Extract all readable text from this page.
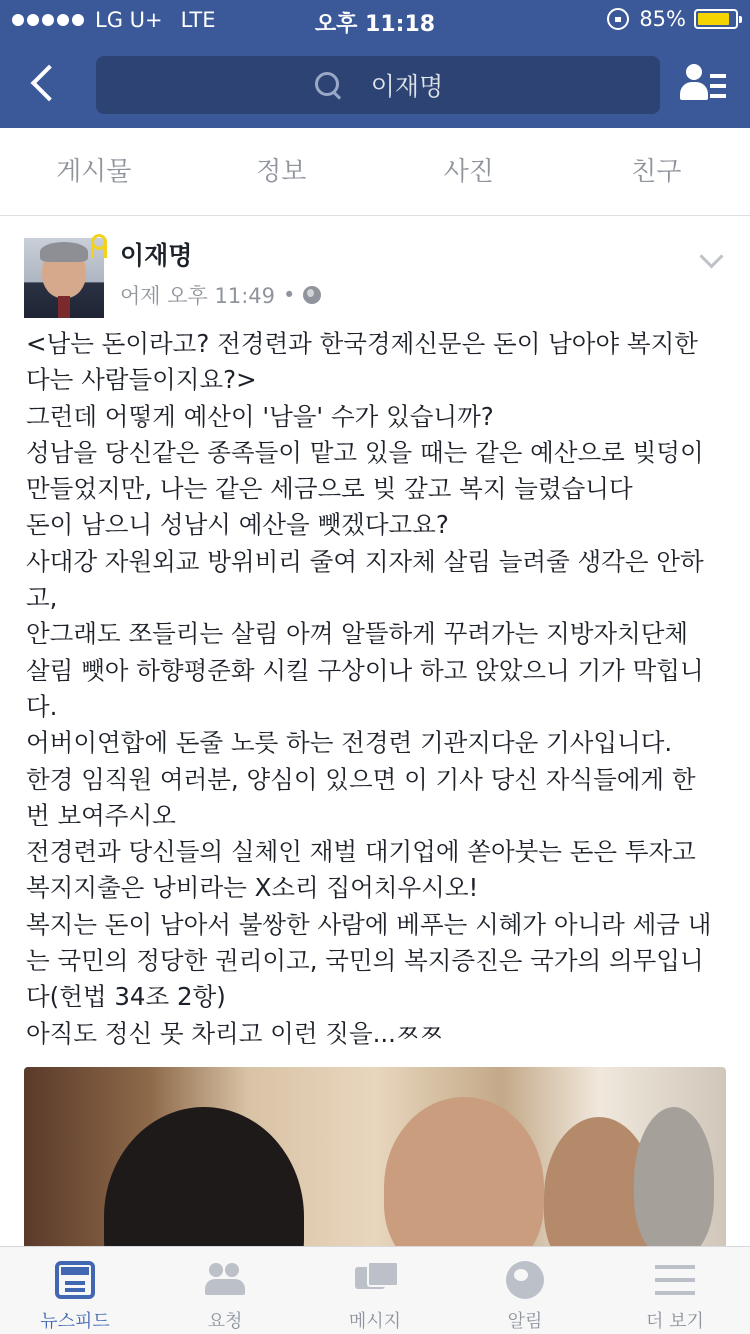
LG U+ LTE	오후 11:18	85%
이재명
게시물	정보	사진	친구
이재명
어제 오후 11:49 •

<남는 돈이라고? 전경련과 한국경제신문은 돈이 남아야 복지한

다는 사람들이지요?>

그런데 어떻게 예산이 '남을' 수가 있습니까?

성남을 당신같은 종족들이 맡고 있을 때는 같은 예산으로 빚덩이

만들었지만, 나는 같은 세금으로 빚 갚고 복지 늘렸습니다

돈이 남으니 성남시 예산을 뺏겠다고요?

사대강 자원외교 방위비리 줄여 지자체 살림 늘려줄 생각은 안하

고,

안그래도 쪼들리는 살림 아껴 알뜰하게 꾸려가는 지방자치단체

살림 뺏아 하향평준화 시킬 구상이나 하고 앉았으니 기가 막힙니

다.

어버이연합에 돈줄 노릇 하는 전경련 기관지다운 기사입니다.

한경 임직원 여러분, 양심이 있으면 이 기사 당신 자식들에게 한

번 보여주시오

전경련과 당신들의 실체인 재벌 대기업에 쏟아붓는 돈은 투자고

복지지출은 낭비라는 X소리 집어치우시오!

복지는 돈이 남아서 불쌍한 사람에 베푸는 시혜가 아니라 세금 내

는 국민의 정당한 권리이고, 국민의 복지증진은 국가의 의무입니

다(헌법 34조 2항)

아직도 정신 못 차리고 이런 짓을...ㅉㅉ

뉴스피드	요청	메시지	알림	더 보기
